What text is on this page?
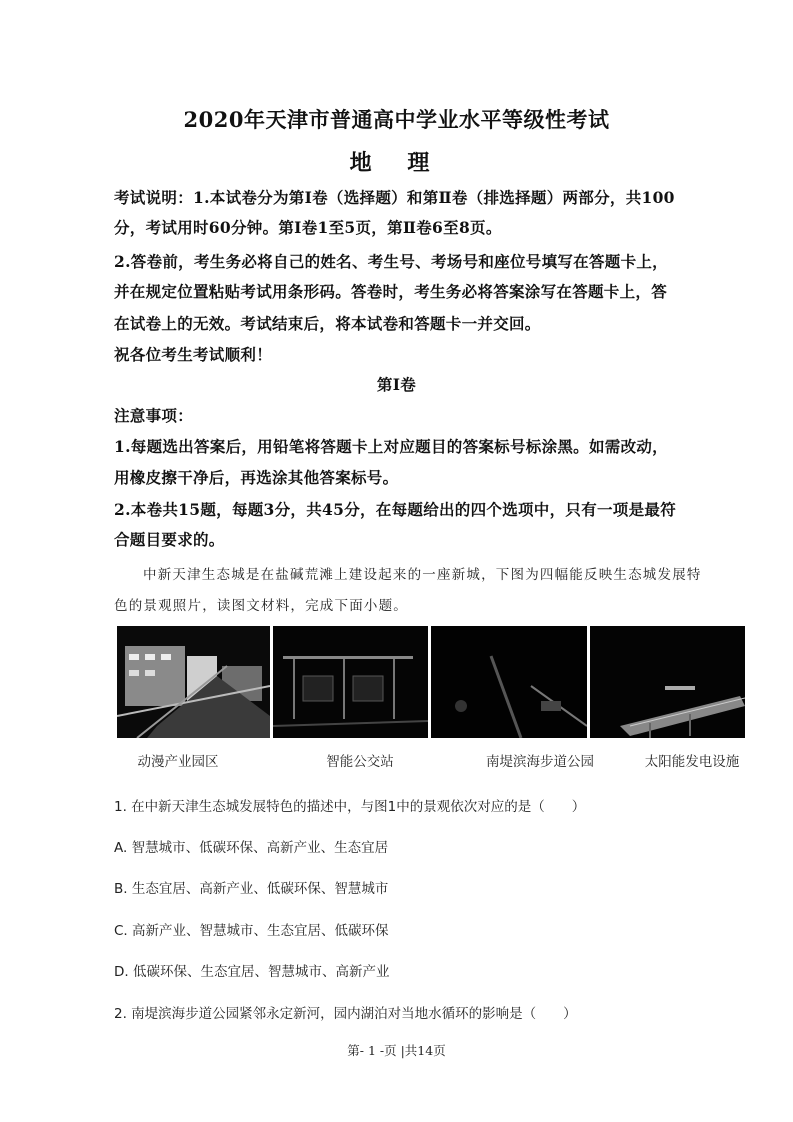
2020年天津市普通高中学业水平等级性考试
地 理
考试说明：1.本试卷分为第Ⅰ卷（选择题）和第Ⅱ卷（排选择题）两部分，共100
分，考试用时60分钟。第Ⅰ卷1至5页，第Ⅱ卷6至8页。
2.答卷前，考生务必将自己的姓名、考生号、考场号和座位号填写在答题卡上，
并在规定位置粘贴考试用条形码。答卷时，考生务必将答案涂写在答题卡上，答
在试卷上的无效。考试结束后，将本试卷和答题卡一并交回。
祝各位考生考试顺利！
第Ⅰ卷
注意事项：
1.每题选出答案后，用铅笔将答题卡上对应题目的答案标号标涂黑。如需改动，
用橡皮擦干净后，再选涂其他答案标号。
2.本卷共15题，每题3分，共45分，在每题给出的四个选项中，只有一项是最符
合题目要求的。
中新天津生态城是在盐碱荒滩上建设起来的一座新城，下图为四幅能反映生态城发展特
色的景观照片，读图文材料，完成下面小题。
动漫产业园区	智能公交站	南堤滨海步道公园	太阳能发电设施
1. 在中新天津生态城发展特色的描述中，与图1中的景观依次对应的是（　　）
A. 智慧城市、低碳环保、高新产业、生态宜居
B. 生态宜居、高新产业、低碳环保、智慧城市
C. 高新产业、智慧城市、生态宜居、低碳环保
D. 低碳环保、生态宜居、智慧城市、高新产业
2. 南堤滨海步道公园紧邻永定新河，园内湖泊对当地水循环的影响是（　　）
第- 1 -页 |共14页
